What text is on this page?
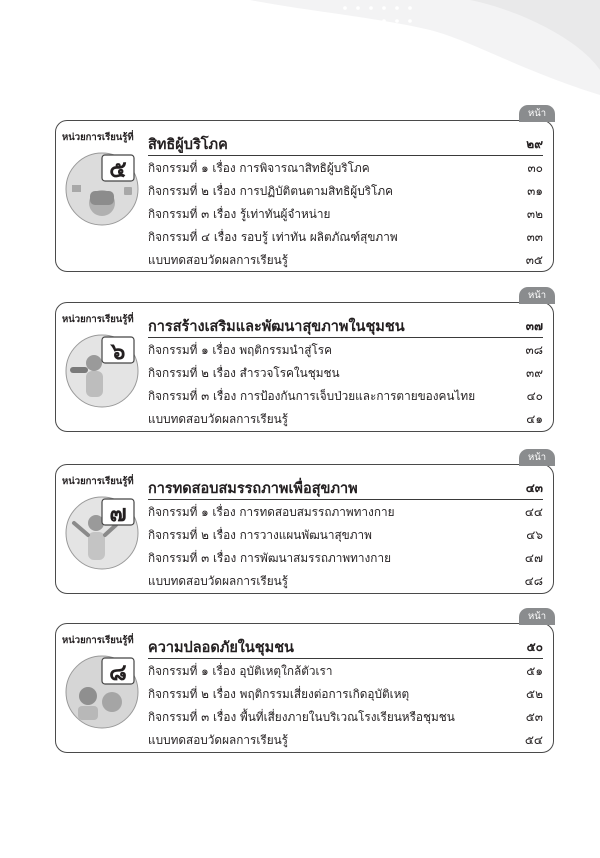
หน้า
หน่วยการเรียนรู้ที่
๕
สิทธิผู้บริโภค	๒๙
กิจกรรมที่ ๑ เรื่อง การพิจารณาสิทธิผู้บริโภค	๓๐
กิจกรรมที่ ๒ เรื่อง การปฏิบัติตนตามสิทธิผู้บริโภค	๓๑
กิจกรรมที่ ๓ เรื่อง รู้เท่าทันผู้จำหน่าย	๓๒
กิจกรรมที่ ๔ เรื่อง รอบรู้ เท่าทัน ผลิตภัณฑ์สุขภาพ	๓๓
แบบทดสอบวัดผลการเรียนรู้	๓๕
หน้า
หน่วยการเรียนรู้ที่
๖
การสร้างเสริมและพัฒนาสุขภาพในชุมชน	๓๗
กิจกรรมที่ ๑ เรื่อง พฤติกรรมนำสู่โรค	๓๘
กิจกรรมที่ ๒ เรื่อง สำรวจโรคในชุมชน	๓๙
กิจกรรมที่ ๓ เรื่อง การป้องกันการเจ็บป่วยและการตายของคนไทย	๔๐
แบบทดสอบวัดผลการเรียนรู้	๔๑
หน้า
หน่วยการเรียนรู้ที่
๗
การทดสอบสมรรถภาพเพื่อสุขภาพ	๔๓
กิจกรรมที่ ๑ เรื่อง การทดสอบสมรรถภาพทางกาย	๔๔
กิจกรรมที่ ๒ เรื่อง การวางแผนพัฒนาสุขภาพ	๔๖
กิจกรรมที่ ๓ เรื่อง การพัฒนาสมรรถภาพทางกาย	๔๗
แบบทดสอบวัดผลการเรียนรู้	๔๘
หน้า
หน่วยการเรียนรู้ที่
๘
ความปลอดภัยในชุมชน	๕๐
กิจกรรมที่ ๑ เรื่อง อุบัติเหตุใกล้ตัวเรา	๕๑
กิจกรรมที่ ๒ เรื่อง พฤติกรรมเสี่ยงต่อการเกิดอุบัติเหตุ	๕๒
กิจกรรมที่ ๓ เรื่อง พื้นที่เสี่ยงภายในบริเวณโรงเรียนหรือชุมชน	๕๓
แบบทดสอบวัดผลการเรียนรู้	๕๔
